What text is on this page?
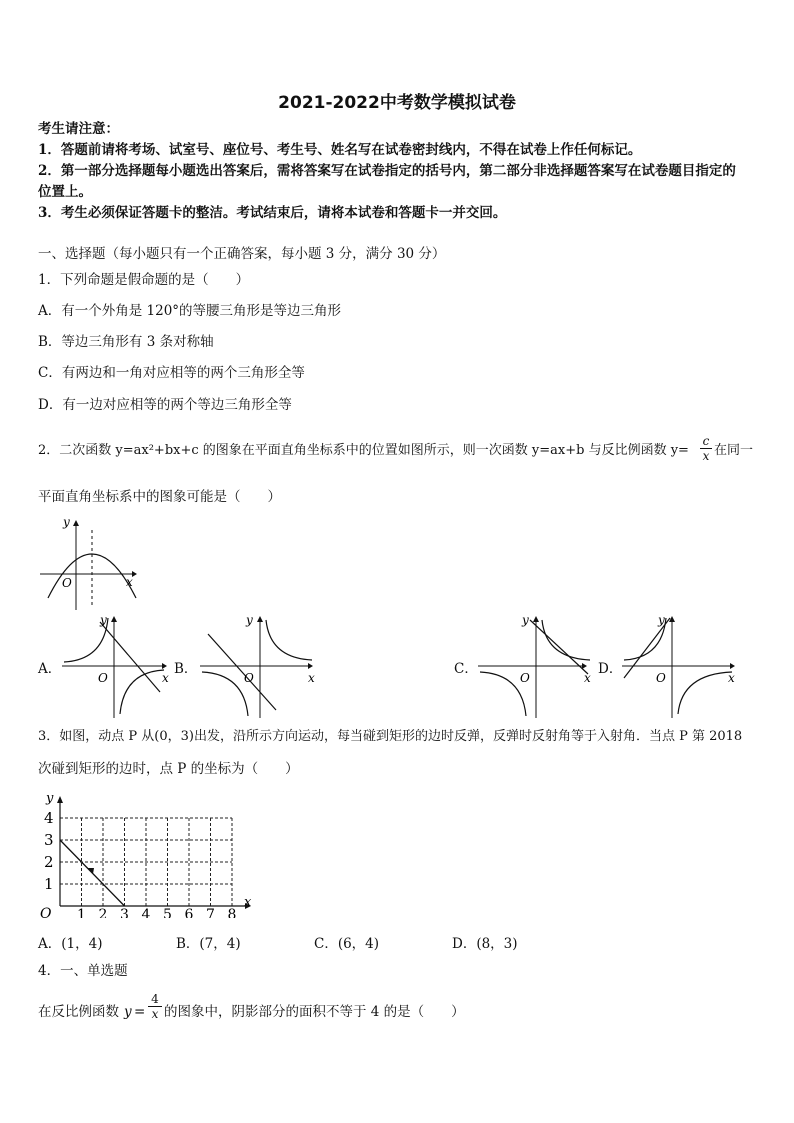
2021-2022中考数学模拟试卷
考生请注意：
1．答题前请将考场、试室号、座位号、考生号、姓名写在试卷密封线内，不得在试卷上作任何标记。
2．第一部分选择题每小题选出答案后，需将答案写在试卷指定的括号内，第二部分非选择题答案写在试卷题目指定的
位置上。
3．考生必须保证答题卡的整洁。考试结束后，请将本试卷和答题卡一并交回。
一、选择题（每小题只有一个正确答案，每小题 3 分，满分 30 分）
1．下列命题是假命题的是（　　）
A．有一个外角是 120°的等腰三角形是等边三角形
B．等边三角形有 3 条对称轴
C．有两边和一角对应相等的两个三角形全等
D．有一边对应相等的两个等边三角形全等
2．二次函数 y=ax²+bx+c 的图象在平面直角坐标系中的位置如图所示，则一次函数 y=ax+b 与反比例函数 y=
c
x 在同一
平面直角坐标系中的图象可能是（　　）
y
x
O
A．
y
x
O
B．
y
x
O
C．
y
x
O
D．
y
x
O
3．如图，动点 P 从(0，3)出发，沿所示方向运动，每当碰到矩形的边时反弹，反弹时反射角等于入射角．当点 P 第 2018
次碰到矩形的边时，点 P 的坐标为（　　）
y
x
O
1
2
3
4
1 2 3 4 5 6 7 8
A．(1，4)	B．(7，4)	C．(6，4)	D．(8，3)
4．一、单选题
在反比例函数 y =
4
x 的图象中，阴影部分的面积不等于 4 的是（　　）
